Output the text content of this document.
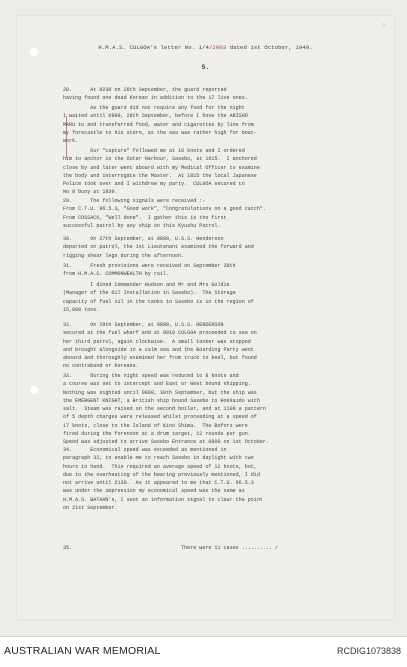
○
H.M.A.S. CULGOA's letter No. 1/4/2003 dated 1st October, 1949.
5.
28.      At 0230 on 28th September, the guard reported
having found one dead Korean in addition to the 17 live ones.
As the guard did not require any food for the night
I waited until 0800, 28th September, before I hove the ARISHO
MARU to and transferred food, water and cigarettes by line from
my forecastle to his stern, as the sea was rather high for boat-
work.
Our "capture" followed me at 10 knots and I ordered
him to anchor in the Outer Harbour, Sasebo, at 1615.  I anchored
close by and later went aboard with my Medical Officer to examine
the body and interrogate the Master.  At 1815 the local Japanese
Police took over and I withdrew my party.  CULGOA secured to
No 8 buoy at 1830.
29.      The following signals were received :-
From C.T.U. 96.5.3, "Good work", "Congratulations on a good catch".
From COSSACK, "Well done".  I gather this is the first
successful patrol by any ship on this Kyushu Patrol.
30.      On 27th September, at 0800, U.S.S. Henderson
departed on patrol, the 1st Lieutenant examined the forward and
rigging shear legs during the afternoon.
31.      Fresh provisions were received on September 28th
from H.M.A.S. COMMONWEALTH by rail.
I dined Commander Hudson and Mr and Mrs Goldie
(Manager of the Oil Installation in Sasebo).  The Storage
capacity of fuel oil in the tanks in Sasebo is in the region of
15,000 tons.
32.      On 29th September, at 0800, U.S.S. HENDERSON
secured at the fuel wharf and at 0910 CULGOA proceeded to sea on
her third patrol, again clockwise.  A small tanker was stopped
and brought alongside in a calm sea and the Boarding Party went
aboard and thoroughly examined her from truck to keel, but found
no contraband or Koreans.
33.      During the night speed was reduced to 8 knots and
a course was set to intercept and East or West bound shipping.
Nothing was sighted until 0800, 30th September, but the ship was
the EMERGENT KNIGHT, a British ship bound Sasebo to Hokkaido with
salt.  Steam was raised on the second boiler, and at 1100 a pattern
of 5 depth charges were released whilst proceeding at a speed of
17 knots, close to the Island of Kino Shima.  The Bofors were
fired during the forenoon at a drum target, 12 rounds per gun.
Speed was adjusted to arrive Sasebo Entrance at 0800 on 1st October.
34.      Economical speed was exceeded as mentioned in
paragraph 32, to enable me to reach Sasebo in daylight with two
hours in hand.  This required an average speed of 12 knots, but,
due to the overheating of the bearing previously mentioned, I did
not arrive until 2130.  As it appeared to me that C.T.U. 96.5.3
was under the impression my economical speed was the same as
H.M.A.S. BATAAN's, I sent an information signal to clear the point
on 21st September.
35.                                    There were 11 cases .......... /
AUSTRALIAN WAR MEMORIAL	RCDIG1073838
